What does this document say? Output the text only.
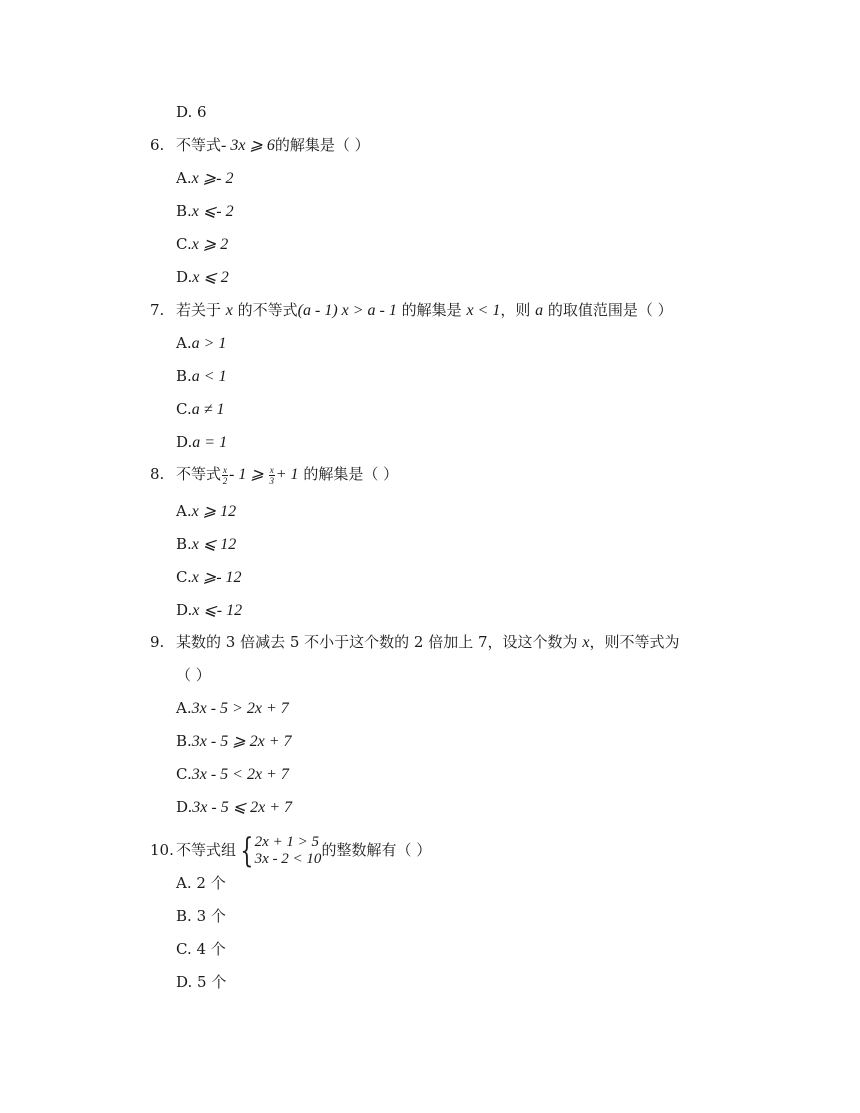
D. 6
6. 不等式- 3x ⩾ 6的解集是（ ）
A.x ⩾- 2
B.x ⩽- 2
C.x ⩾ 2
D.x ⩽ 2
7. 若关于 x 的不等式(a - 1) x > a - 1 的解集是 x < 1，则 a 的取值范围是（ ）
A.a > 1
B.a < 1
C.a ≠ 1
D.a = 1
8. 不等式 $\frac{x}{2} - 1$ ⩾ $\frac{x}{3} + 1$ 的解集是（ ）
A.x ⩾ 12
B.x ⩽ 12
C.x ⩾- 12
D.x ⩽- 12
9. 某数的 3 倍减去 5 不小于这个数的 2 倍加上 7，设这个数为 x，则不等式为
（ ）
A.3x - 5 > 2x + 7
B.3x - 5 ⩾ 2x + 7
C.3x - 5 < 2x + 7
D.3x - 5 ⩽ 2x + 7
10. 不等式组 { 2x + 1 > 5
3x - 2 < 10 的整数解有（ ）
A. 2 个
B. 3 个
C. 4 个
D. 5 个
